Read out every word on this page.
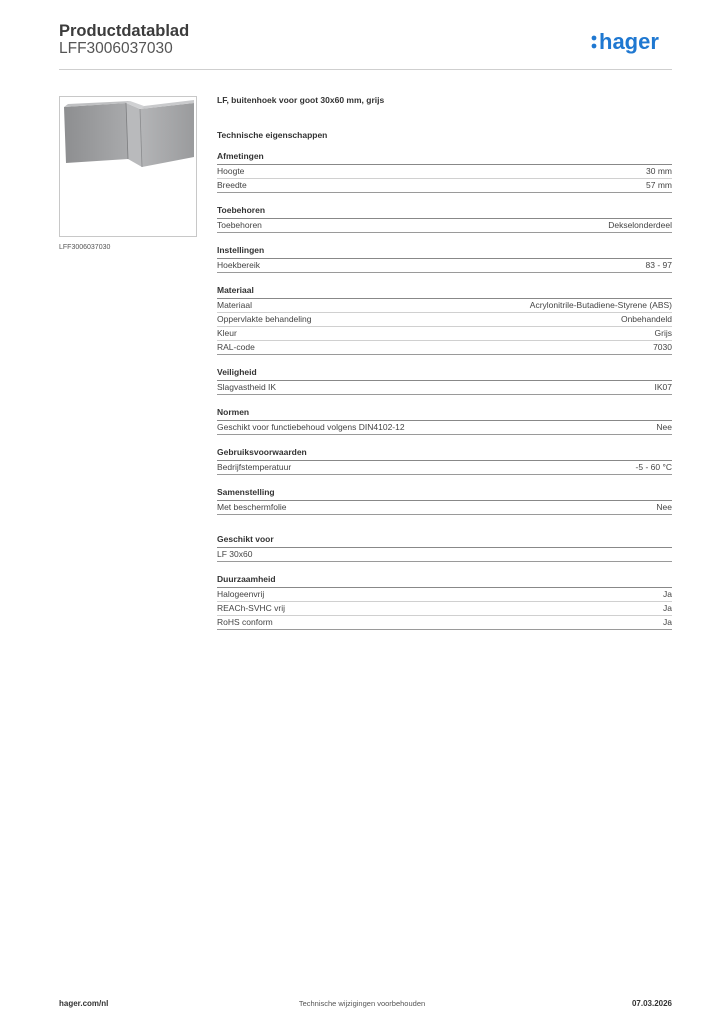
Productdatablad
LFF3006037030	hager
LFF3006037030
LF, buitenhoek voor goot 30x60 mm, grijs
Technische eigenschappen
Afmetingen
Hoogte	30 mm
Breedte	57 mm
Toebehoren
Toebehoren	Dekselonderdeel
Instellingen
Hoekbereik	83 - 97
Materiaal
Materiaal	Acrylonitrile-Butadiene-Styrene (ABS)
Oppervlakte behandeling	Onbehandeld
Kleur	Grijs
RAL-code	7030
Veiligheid
Slagvastheid IK	IK07
Normen
Geschikt voor functiebehoud volgens DIN4102-12	Nee
Gebruiksvoorwaarden
Bedrijfstemperatuur	-5 - 60 °C
Samenstelling
Met beschermfolie	Nee
Geschikt voor
LF 30x60
Duurzaamheid
Halogeenvrij	Ja
REACh-SVHC vrij	Ja
RoHS conform	Ja
hager.com/nl	Technische wijzigingen voorbehouden	07.03.2026
